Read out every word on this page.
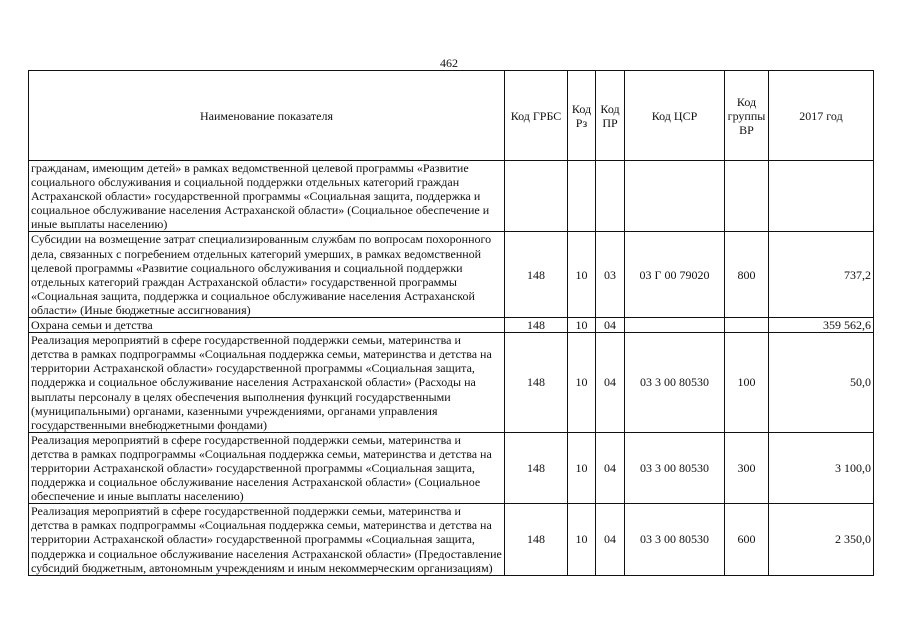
462
Наименование показателя	Код ГРБС	Код Рз	Код ПР	Код ЦСР	Код группы ВР	2017 год
гражданам, имеющим детей» в рамках ведомственной целевой программы «Развитие социального обслуживания и социальной поддержки отдельных категорий граждан Астраханской области» государственной программы «Социальная защита, поддержка и социальное обслуживание населения Астраханской области» (Социальное обеспечение и иные выплаты населению)						
Субсидии на возмещение затрат специализированным службам по вопросам похоронного дела, связанных с погребением отдельных категорий умерших, в рамках ведомственной целевой программы «Развитие социального обслуживания и социальной поддержки отдельных категорий граждан Астраханской области» государственной программы «Социальная защита, поддержка и социальное обслуживание населения Астраханской области» (Иные бюджетные ассигнования)	148	10	03	03 Г 00 79020	800	737,2
Охрана семьи и детства	148	10	04			359 562,6
Реализация мероприятий в сфере государственной поддержки семьи, материнства и детства в рамках подпрограммы «Социальная поддержка семьи, материнства и детства на территории Астраханской области» государственной программы «Социальная защита, поддержка и социальное обслуживание населения Астраханской области» (Расходы на выплаты персоналу в целях обеспечения выполнения функций государственными (муниципальными) органами, казенными учреждениями, органами управления государственными внебюджетными фондами)	148	10	04	03 3 00 80530	100	50,0
Реализация мероприятий в сфере государственной поддержки семьи, материнства и детства в рамках подпрограммы «Социальная поддержка семьи, материнства и детства на территории Астраханской области» государственной программы «Социальная защита, поддержка и социальное обслуживание населения Астраханской области» (Социальное обеспечение и иные выплаты населению)	148	10	04	03 3 00 80530	300	3 100,0
Реализация мероприятий в сфере государственной поддержки семьи, материнства и детства в рамках подпрограммы «Социальная поддержка семьи, материнства и детства на территории Астраханской области» государственной программы «Социальная защита, поддержка и социальное обслуживание населения Астраханской области» (Предоставление субсидий бюджетным, автономным учреждениям и иным некоммерческим организациям)	148	10	04	03 3 00 80530	600	2 350,0
